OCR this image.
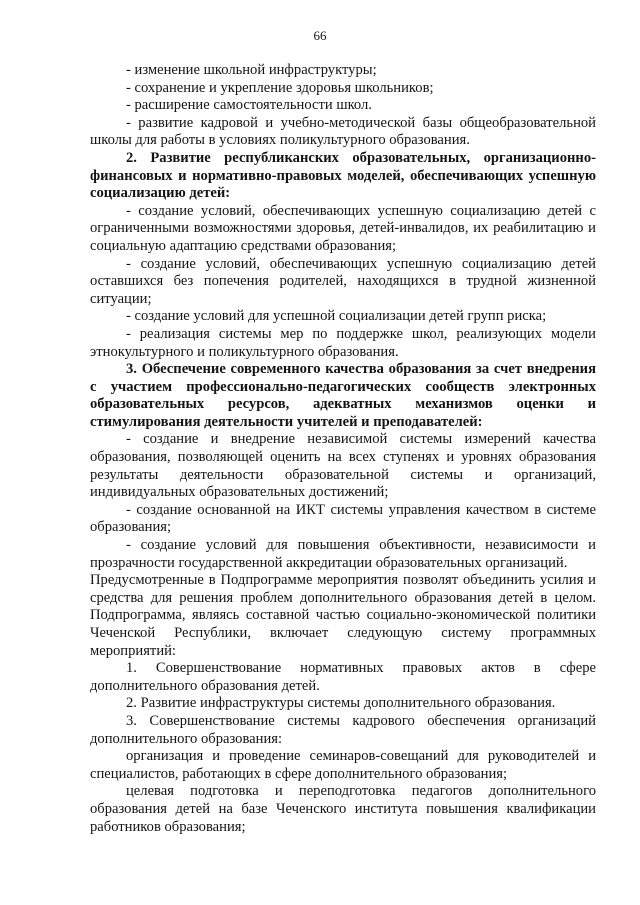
66

- изменение школьной инфраструктуры;

- сохранение и укрепление здоровья школьников;

- расширение самостоятельности школ.

- развитие кадровой и учебно-методической базы общеобразовательной школы для работы в условиях поликультурного образования.

2. Развитие республиканских образовательных, организационно-финансовых и нормативно-правовых моделей, обеспечивающих успешную социализацию детей:

- создание условий, обеспечивающих успешную социализацию детей с ограниченными возможностями здоровья, детей-инвалидов, их реабилитацию и социальную адаптацию средствами образования;

- создание условий, обеспечивающих успешную социализацию детей оставшихся без попечения родителей, находящихся в трудной жизненной ситуации;

- создание условий для успешной социализации детей групп риска;

- реализация системы мер по поддержке школ, реализующих модели этнокультурного и поликультурного образования.

3. Обеспечение современного качества образования за счет внедрения с участием профессионально-педагогических сообществ электронных образовательных ресурсов, адекватных механизмов оценки и стимулирования деятельности учителей и преподавателей:

- создание и внедрение независимой системы измерений качества образования, позволяющей оценить на всех ступенях и уровнях образования результаты деятельности образовательной системы и организаций, индивидуальных образовательных достижений;

- создание основанной на ИКТ системы управления качеством в системе образования;

- создание условий для повышения объективности, независимости и прозрачности государственной аккредитации образовательных организаций.

Предусмотренные в Подпрограмме мероприятия позволят объединить усилия и средства для решения проблем дополнительного образования детей в целом. Подпрограмма, являясь составной частью социально-экономической политики Чеченской Республики, включает следующую систему программных мероприятий:

1. Совершенствование нормативных правовых актов в сфере дополнительного образования детей.

2. Развитие инфраструктуры системы дополнительного образования.

3. Совершенствование системы кадрового обеспечения организаций дополнительного образования:

организация и проведение семинаров-совещаний для руководителей и специалистов, работающих в сфере дополнительного образования;

целевая подготовка и переподготовка педагогов дополнительного образования детей на базе Чеченского института повышения квалификации работников образования;
